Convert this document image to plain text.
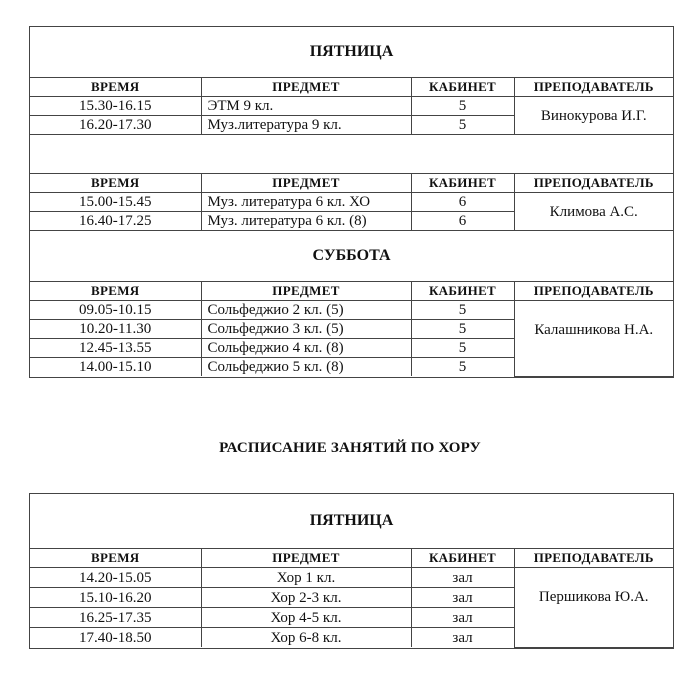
ПЯТНИЦА			
ВРЕМЯ	ПРЕДМЕТ	КАБИНЕТ	ПРЕПОДАВАТЕЛЬ
15.30-16.15	ЭТМ 9 кл.	5	Винокурова И.Г.
16.20-17.30	Муз.литература 9 кл.	5	

ВРЕМЯ	ПРЕДМЕТ	КАБИНЕТ	ПРЕПОДАВАТЕЛЬ
15.00-15.45	Муз. литература 6 кл. ХО	6	Климова А.С.
16.40-17.25	Муз. литература 6 кл. (8)	6	
СУББОТА			
ВРЕМЯ	ПРЕДМЕТ	КАБИНЕТ	ПРЕПОДАВАТЕЛЬ
09.05-10.15	Сольфеджио 2 кл. (5)	5	Калашникова Н.А.
10.20-11.30	Сольфеджио 3 кл. (5)	5	
12.45-13.55	Сольфеджио 4 кл. (8)	5	
14.00-15.10	Сольфеджио 5 кл. (8)	5	
РАСПИСАНИЕ ЗАНЯТИЙ ПО ХОРУ
ПЯТНИЦА			
ВРЕМЯ	ПРЕДМЕТ	КАБИНЕТ	ПРЕПОДАВАТЕЛЬ
14.20-15.05	Хор 1 кл.	зал	Першикова Ю.А.
15.10-16.20	Хор 2-3 кл.	зал	
16.25-17.35	Хор 4-5 кл.	зал	
17.40-18.50	Хор 6-8 кл.	зал	
